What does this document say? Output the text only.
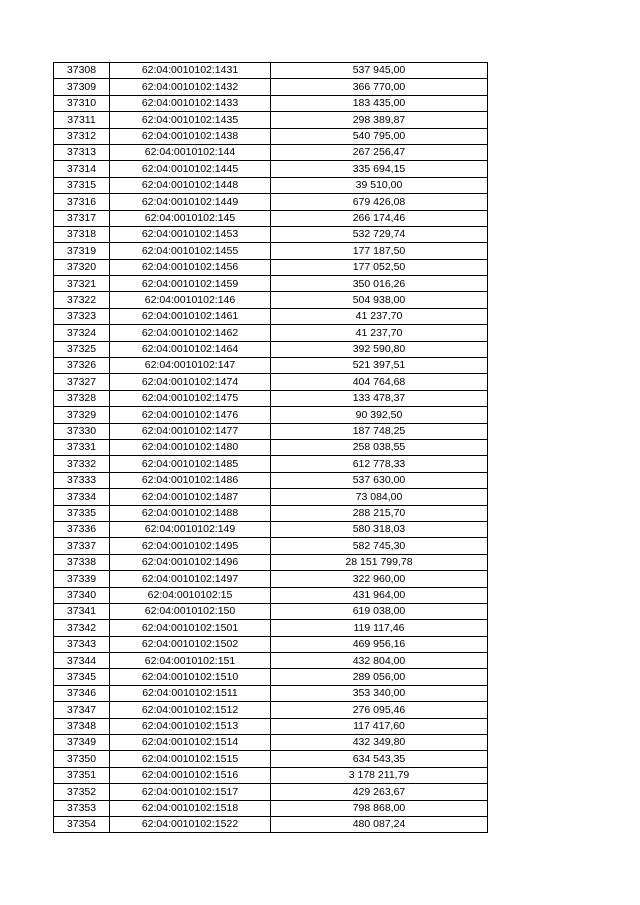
37308	62:04:0010102:1431	537 945,00
37309	62:04:0010102:1432	366 770,00
37310	62:04:0010102:1433	183 435,00
37311	62:04:0010102:1435	298 389,87
37312	62:04:0010102:1438	540 795,00
37313	62:04:0010102:144	267 256,47
37314	62:04:0010102:1445	335 694,15
37315	62:04:0010102:1448	39 510,00
37316	62:04:0010102:1449	679 426,08
37317	62:04:0010102:145	266 174,46
37318	62:04:0010102:1453	532 729,74
37319	62:04:0010102:1455	177 187,50
37320	62:04:0010102:1456	177 052,50
37321	62:04:0010102:1459	350 016,26
37322	62:04:0010102:146	504 938,00
37323	62:04:0010102:1461	41 237,70
37324	62:04:0010102:1462	41 237,70
37325	62:04:0010102:1464	392 590,80
37326	62:04:0010102:147	521 397,51
37327	62:04:0010102:1474	404 764,68
37328	62:04:0010102:1475	133 478,37
37329	62:04:0010102:1476	90 392,50
37330	62:04:0010102:1477	187 748,25
37331	62:04:0010102:1480	258 038,55
37332	62:04:0010102:1485	612 778,33
37333	62:04:0010102:1486	537 630,00
37334	62:04:0010102:1487	73 084,00
37335	62:04:0010102:1488	288 215,70
37336	62:04:0010102:149	580 318,03
37337	62:04:0010102:1495	582 745,30
37338	62:04:0010102:1496	28 151 799,78
37339	62:04:0010102:1497	322 960,00
37340	62:04:0010102:15	431 964,00
37341	62:04:0010102:150	619 038,00
37342	62:04:0010102:1501	119 117,46
37343	62:04:0010102:1502	469 956,16
37344	62:04:0010102:151	432 804,00
37345	62:04:0010102:1510	289 056,00
37346	62:04:0010102:1511	353 340,00
37347	62:04:0010102:1512	276 095,46
37348	62:04:0010102:1513	117 417,60
37349	62:04:0010102:1514	432 349,80
37350	62:04:0010102:1515	634 543,35
37351	62:04:0010102:1516	3 178 211,79
37352	62:04:0010102:1517	429 263,67
37353	62:04:0010102:1518	798 868,00
37354	62:04:0010102:1522	480 087,24
